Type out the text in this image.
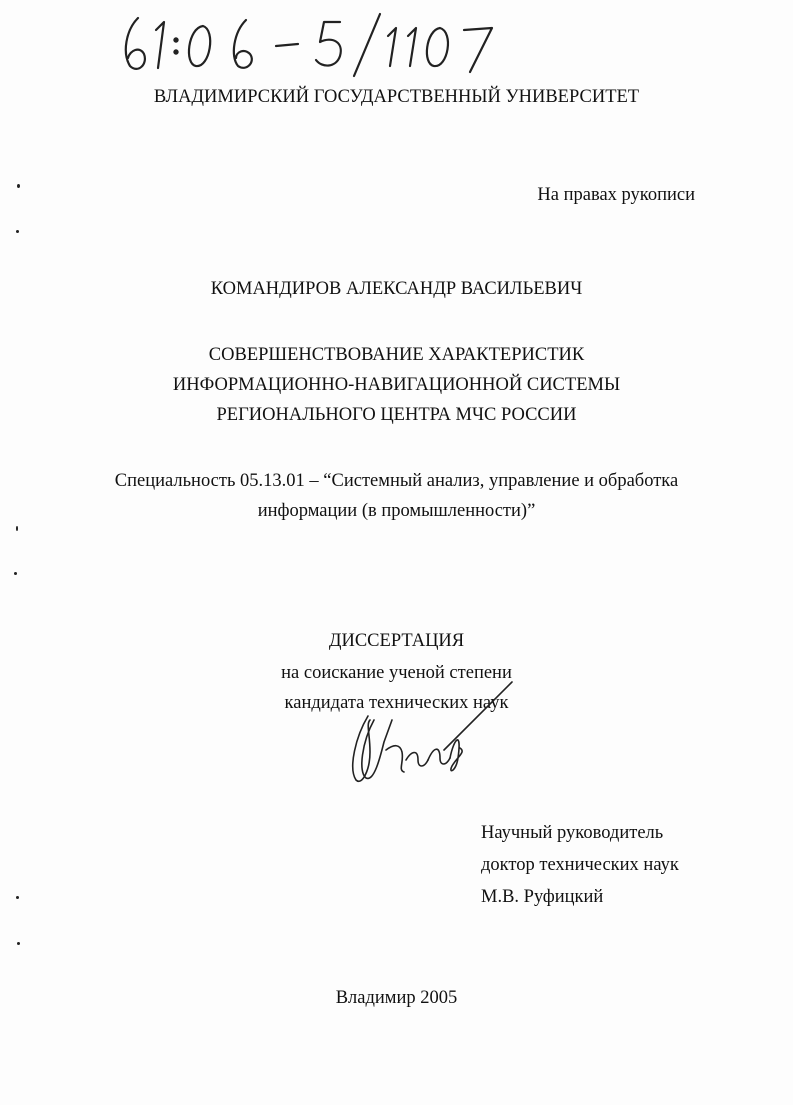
ВЛАДИМИРСКИЙ ГОСУДАРСТВЕННЫЙ УНИВЕРСИТЕТ
На правах рукописи
КОМАНДИРОВ АЛЕКСАНДР ВАСИЛЬЕВИЧ
СОВЕРШЕНСТВОВАНИЕ ХАРАКТЕРИСТИК
ИНФОРМАЦИОННО-НАВИГАЦИОННОЙ СИСТЕМЫ
РЕГИОНАЛЬНОГО ЦЕНТРА МЧС РОССИИ
Специальность 05.13.01 – “Системный анализ, управление и обработка
информации (в промышленности)”
ДИССЕРТАЦИЯ
на соискание ученой степени
кандидата технических наук
Научный руководитель
доктор технических наук
М.В. Руфицкий
Владимир 2005
